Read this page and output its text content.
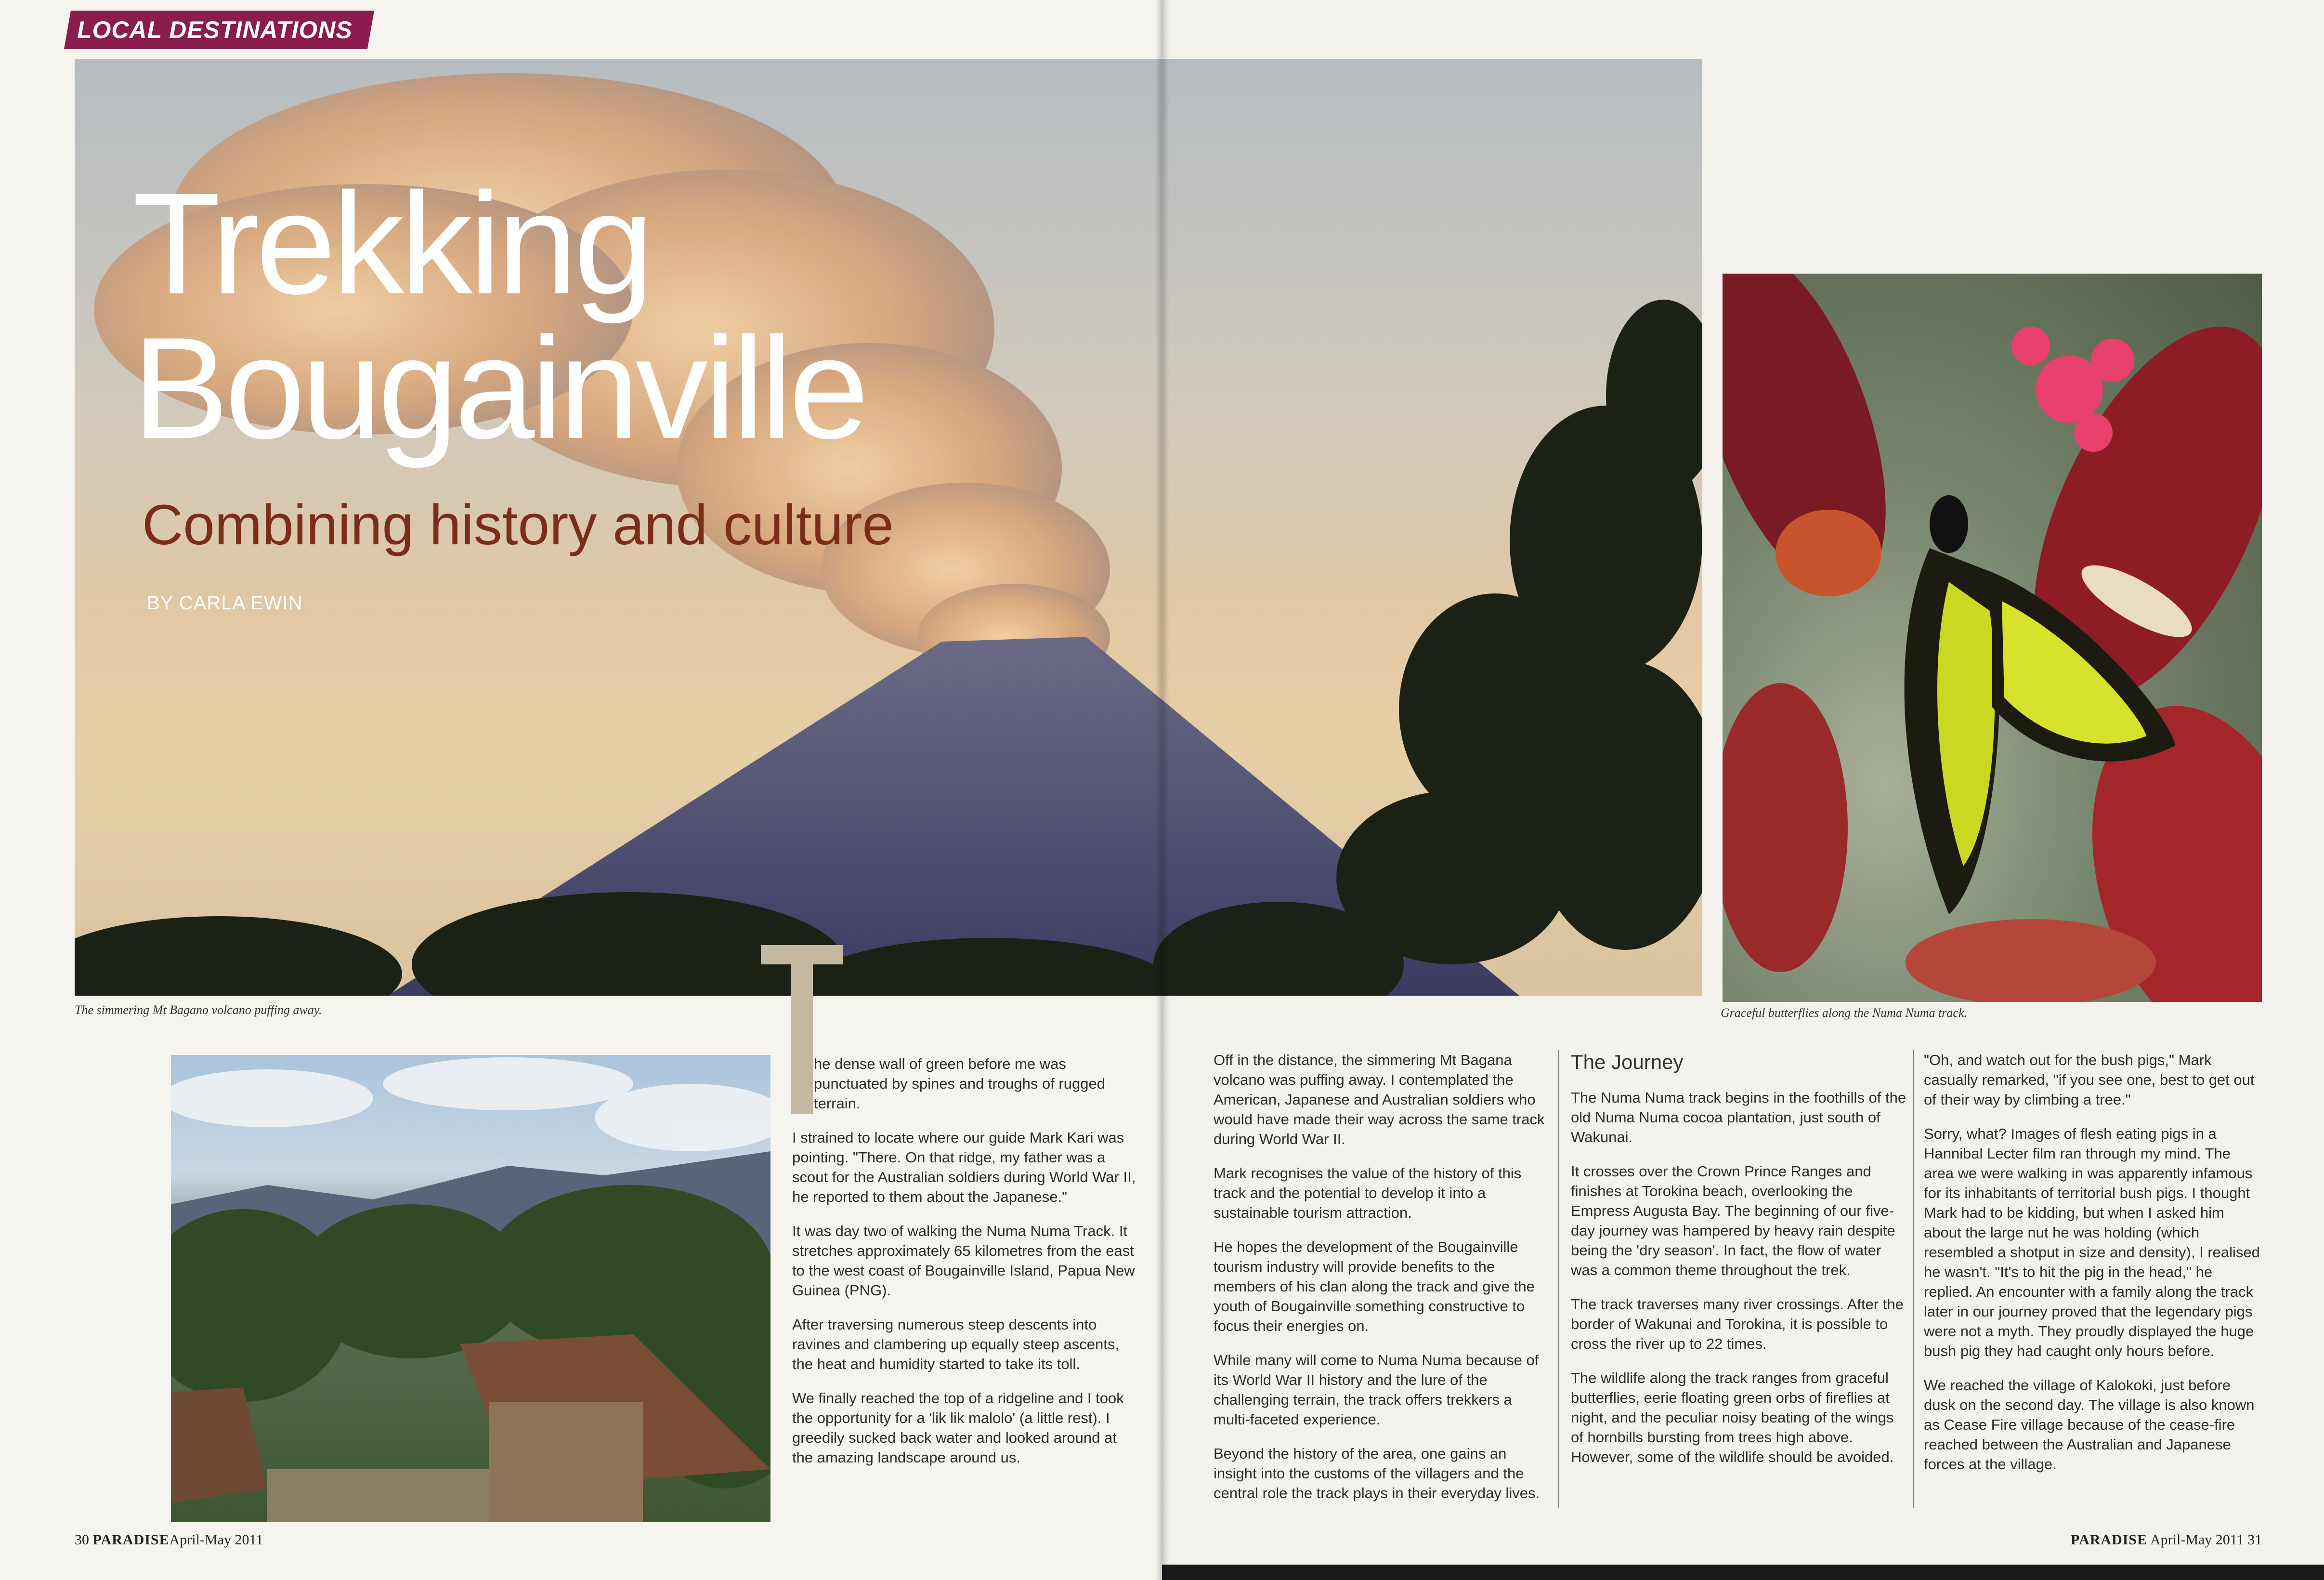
LOCAL DESTINATIONS
Trekking
Bougainville
Combining history and culture
BY CARLA EWIN
The simmering Mt Bagano volcano puffing away.	Graceful butterflies along the Numa Numa track.

he dense wall of green before me was punctuated by spines and troughs of rugged terrain.

I strained to locate where our guide Mark Kari was pointing. "There. On that ridge, my father was a scout for the Australian soldiers during World War II, he reported to them about the Japanese."

It was day two of walking the Numa Numa Track. It stretches approximately 65 kilometres from the east to the west coast of Bougainville Island, Papua New Guinea (PNG).

After traversing numerous steep descents into ravines and clambering up equally steep ascents, the heat and humidity started to take its toll.

We finally reached the top of a ridgeline and I took the opportunity for a 'lik lik malolo' (a little rest). I greedily sucked back water and looked around at the amazing landscape around us.

Off in the distance, the simmering Mt Bagana volcano was puffing away. I contemplated the American, Japanese and Australian soldiers who would have made their way across the same track during World War II.

Mark recognises the value of the history of this track and the potential to develop it into a sustainable tourism attraction.

He hopes the development of the Bougainville tourism industry will provide benefits to the members of his clan along the track and give the youth of Bougainville something constructive to focus their energies on.

While many will come to Numa Numa because of its World War II history and the lure of the challenging terrain, the track offers trekkers a multi-faceted experience.

Beyond the history of the area, one gains an insight into the customs of the villagers and the central role the track plays in their everyday lives.

The Journey

The Numa Numa track begins in the foothills of the old Numa Numa cocoa plantation, just south of Wakunai.

It crosses over the Crown Prince Ranges and finishes at Torokina beach, overlooking the Empress Augusta Bay. The beginning of our five-day journey was hampered by heavy rain despite being the 'dry season'. In fact, the flow of water was a common theme throughout the trek.

The track traverses many river crossings. After the border of Wakunai and Torokina, it is possible to cross the river up to 22 times.

The wildlife along the track ranges from graceful butterflies, eerie floating green orbs of fireflies at night, and the peculiar noisy beating of the wings of hornbills bursting from trees high above. However, some of the wildlife should be avoided.

"Oh, and watch out for the bush pigs," Mark casually remarked, "if you see one, best to get out of their way by climbing a tree."

Sorry, what? Images of flesh eating pigs in a Hannibal Lecter film ran through my mind. The area we were walking in was apparently infamous for its inhabitants of territorial bush pigs. I thought Mark had to be kidding, but when I asked him about the large nut he was holding (which resembled a shotput in size and density), I realised he wasn't. "It's to hit the pig in the head," he replied. An encounter with a family along the track later in our journey proved that the legendary pigs were not a myth. They proudly displayed the huge bush pig they had caught only hours before.

We reached the village of Kalokoki, just before dusk on the second day. The village is also known as Cease Fire village because of the cease-fire reached between the Australian and Japanese forces at the village.

30 PARADISEApril-May 2011	PARADISE April-May 2011 31
